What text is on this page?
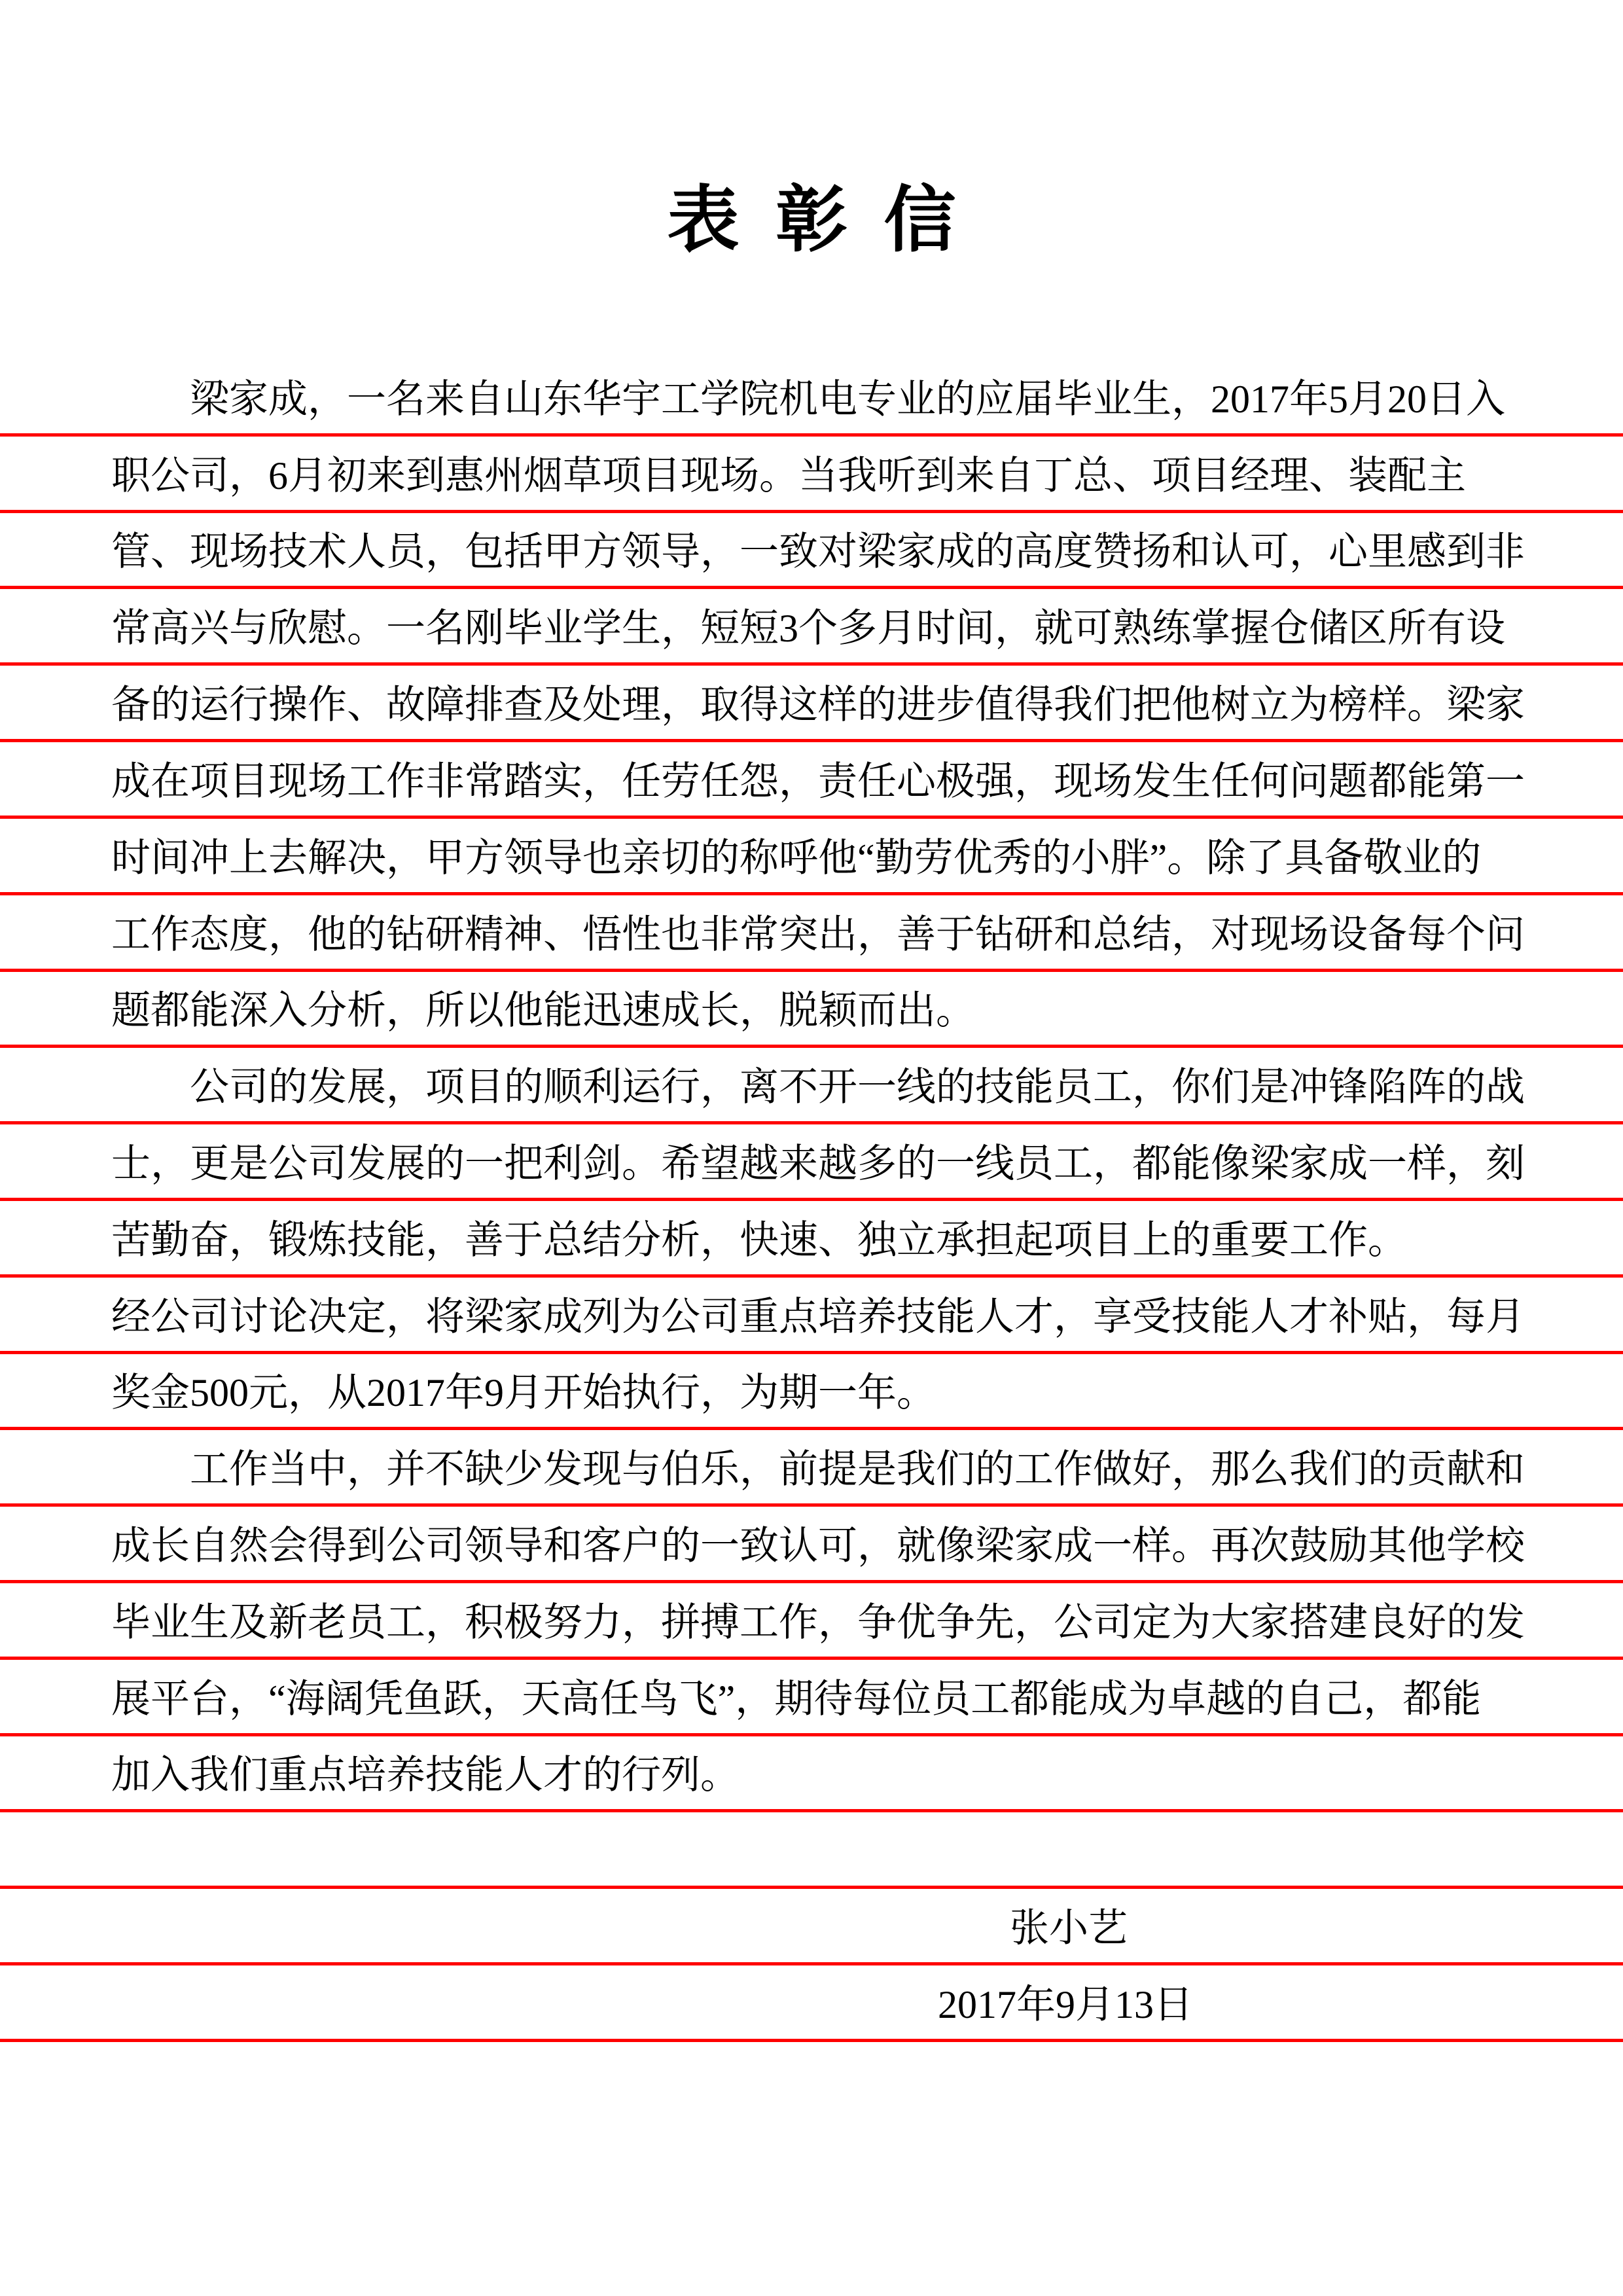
表 彰 信
梁家成，一名来自山东华宇工学院机电专业的应届毕业生，2017年5月20日入
职公司，6月初来到惠州烟草项目现场。当我听到来自丁总、项目经理、装配主
管、现场技术人员，包括甲方领导，一致对梁家成的高度赞扬和认可，心里感到非
常高兴与欣慰。一名刚毕业学生，短短3个多月时间，就可熟练掌握仓储区所有设
备的运行操作、故障排查及处理，取得这样的进步值得我们把他树立为榜样。梁家
成在项目现场工作非常踏实，任劳任怨，责任心极强，现场发生任何问题都能第一
时间冲上去解决，甲方领导也亲切的称呼他“勤劳优秀的小胖”。除了具备敬业的
工作态度，他的钻研精神、悟性也非常突出，善于钻研和总结，对现场设备每个问
题都能深入分析，所以他能迅速成长，脱颖而出。
公司的发展，项目的顺利运行，离不开一线的技能员工，你们是冲锋陷阵的战
士，更是公司发展的一把利剑。希望越来越多的一线员工，都能像梁家成一样，刻
苦勤奋，锻炼技能，善于总结分析，快速、独立承担起项目上的重要工作。
经公司讨论决定，将梁家成列为公司重点培养技能人才，享受技能人才补贴，每月
奖金500元，从2017年9月开始执行，为期一年。
工作当中，并不缺少发现与伯乐，前提是我们的工作做好，那么我们的贡献和
成长自然会得到公司领导和客户的一致认可，就像梁家成一样。再次鼓励其他学校
毕业生及新老员工，积极努力，拼搏工作，争优争先，公司定为大家搭建良好的发
展平台，“海阔凭鱼跃，天高任鸟飞”，期待每位员工都能成为卓越的自己，都能
加入我们重点培养技能人才的行列。
张小艺
2017年9月13日
